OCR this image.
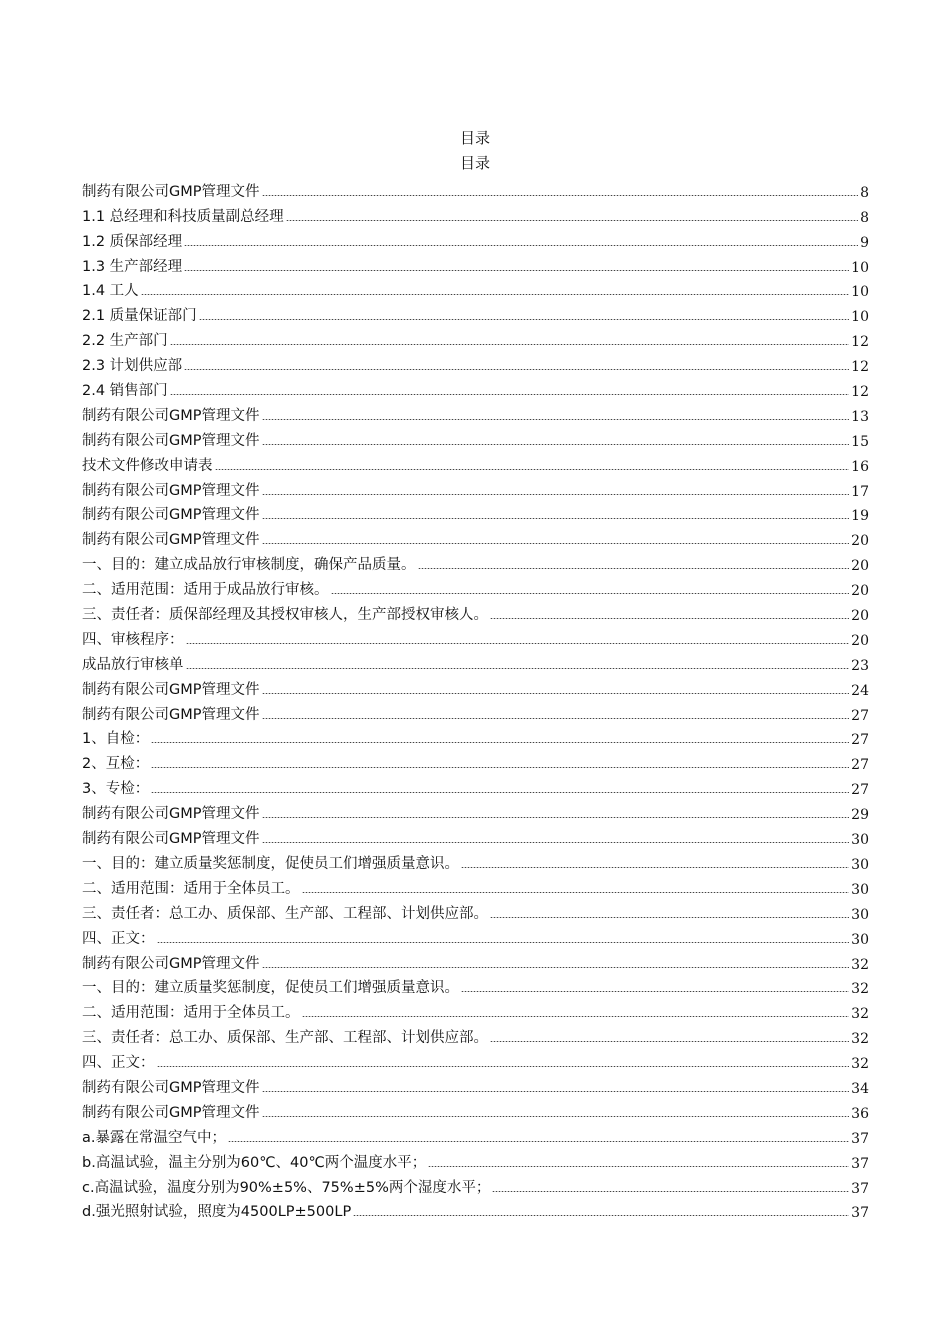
目录
目录
制药有限公司GMP管理文件	8
1.1 总经理和科技质量副总经理	8
1.2 质保部经理	9
1.3 生产部经理	10
1.4 工人	10
2.1 质量保证部门	10
2.2 生产部门	12
2.3 计划供应部	12
2.4 销售部门	12
制药有限公司GMP管理文件	13
制药有限公司GMP管理文件	15
技术文件修改申请表	16
制药有限公司GMP管理文件	17
制药有限公司GMP管理文件	19
制药有限公司GMP管理文件	20
一、目的：建立成品放行审核制度，确保产品质量。	20
二、适用范围：适用于成品放行审核。	20
三、责任者：质保部经理及其授权审核人，生产部授权审核人。	20
四、审核程序：	20
成品放行审核单	23
制药有限公司GMP管理文件	24
制药有限公司GMP管理文件	27
1、自检：	27
2、互检：	27
3、专检：	27
制药有限公司GMP管理文件	29
制药有限公司GMP管理文件	30
一、目的：建立质量奖惩制度，促使员工们增强质量意识。	30
二、适用范围：适用于全体员工。	30
三、责任者：总工办、质保部、生产部、工程部、计划供应部。	30
四、正文：	30
制药有限公司GMP管理文件	32
一、目的：建立质量奖惩制度，促使员工们增强质量意识。	32
二、适用范围：适用于全体员工。	32
三、责任者：总工办、质保部、生产部、工程部、计划供应部。	32
四、正文：	32
制药有限公司GMP管理文件	34
制药有限公司GMP管理文件	36
a.暴露在常温空气中；	37
b.高温试验，温主分别为60℃、40℃两个温度水平；	37
c.高温试验，温度分别为90%±5%、75%±5%两个湿度水平；	37
d.强光照射试验，照度为4500LP±500LP	37
